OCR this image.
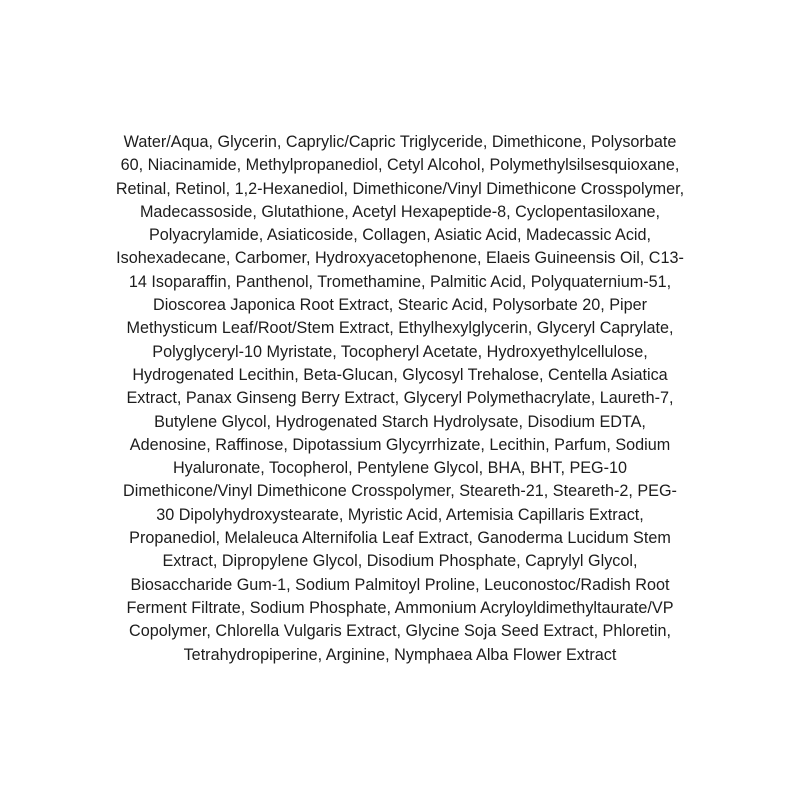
Water/Aqua, Glycerin, Caprylic/Capric Triglyceride, Dimethicone, Polysorbate
60, Niacinamide, Methylpropanediol, Cetyl Alcohol, Polymethylsilsesquioxane,
Retinal, Retinol, 1,2-Hexanediol, Dimethicone/Vinyl Dimethicone Crosspolymer,
Madecassoside, Glutathione, Acetyl Hexapeptide-8, Cyclopentasiloxane,
Polyacrylamide, Asiaticoside, Collagen, Asiatic Acid, Madecassic Acid,
Isohexadecane, Carbomer, Hydroxyacetophenone, Elaeis Guineensis Oil, C13-
14 Isoparaffin, Panthenol, Tromethamine, Palmitic Acid, Polyquaternium-51,
Dioscorea Japonica Root Extract, Stearic Acid, Polysorbate 20, Piper
Methysticum Leaf/Root/Stem Extract, Ethylhexylglycerin, Glyceryl Caprylate,
Polyglyceryl-10 Myristate, Tocopheryl Acetate, Hydroxyethylcellulose,
Hydrogenated Lecithin, Beta-Glucan, Glycosyl Trehalose, Centella Asiatica
Extract, Panax Ginseng Berry Extract, Glyceryl Polymethacrylate, Laureth-7,
Butylene Glycol, Hydrogenated Starch Hydrolysate, Disodium EDTA,
Adenosine, Raffinose, Dipotassium Glycyrrhizate, Lecithin, Parfum, Sodium
Hyaluronate, Tocopherol, Pentylene Glycol, BHA, BHT, PEG-10
Dimethicone/Vinyl Dimethicone Crosspolymer, Steareth-21, Steareth-2, PEG-
30 Dipolyhydroxystearate, Myristic Acid, Artemisia Capillaris Extract,
Propanediol, Melaleuca Alternifolia Leaf Extract, Ganoderma Lucidum Stem
Extract, Dipropylene Glycol, Disodium Phosphate, Caprylyl Glycol,
Biosaccharide Gum-1, Sodium Palmitoyl Proline, Leuconostoc/Radish Root
Ferment Filtrate, Sodium Phosphate, Ammonium Acryloyldimethyltaurate/VP
Copolymer, Chlorella Vulgaris Extract, Glycine Soja Seed Extract, Phloretin,
Tetrahydropiperine, Arginine, Nymphaea Alba Flower Extract
